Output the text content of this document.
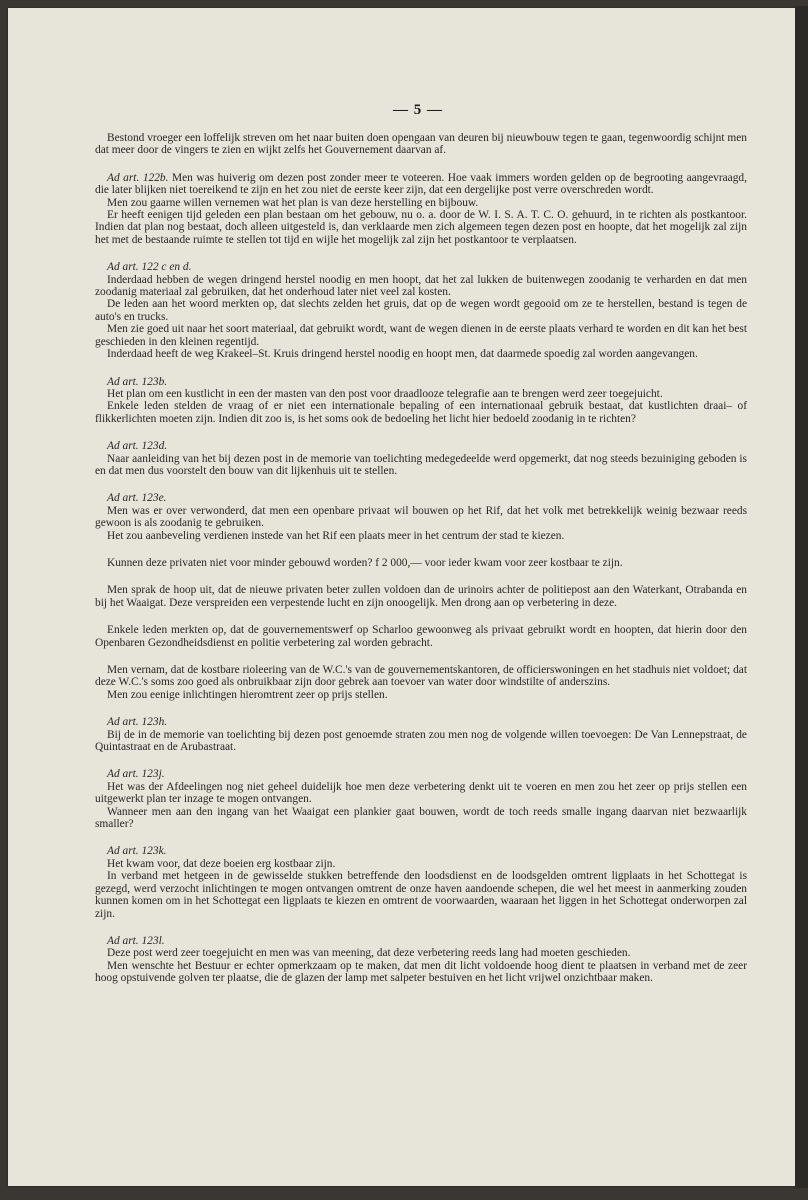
— 5 —
Bestond vroeger een loffelijk streven om het naar buiten doen opengaan van deuren bij nieuwbouw tegen te gaan, tegenwoordig schijnt men dat meer door de vingers te zien en wijkt zelfs het Gouvernement daarvan af.
Ad art. 122b. Men was huiverig om dezen post zonder meer te voteeren. Hoe vaak immers worden gelden op de begrooting aangevraagd, die later blijken niet toereikend te zijn en het zou niet de eerste keer zijn, dat een dergelijke post verre overschreden wordt.
Men zou gaarne willen vernemen wat het plan is van deze herstelling en bijbouw.
Er heeft eenigen tijd geleden een plan bestaan om het gebouw, nu o. a. door de W. I. S. A. T. C. O. gehuurd, in te richten als postkantoor. Indien dat plan nog bestaat, doch alleen uitgesteld is, dan verklaarde men zich algemeen tegen dezen post en hoopte, dat het mogelijk zal zijn het met de bestaande ruimte te stellen tot tijd en wijle het mogelijk zal zijn het postkantoor te verplaatsen.
Ad art. 122 c en d.
Inderdaad hebben de wegen dringend herstel noodig en men hoopt, dat het zal lukken de buitenwegen zoodanig te verharden en dat men zoodanig materiaal zal gebruiken, dat het onderhoud later niet veel zal kosten.
De leden aan het woord merkten op, dat slechts zelden het gruis, dat op de wegen wordt gegooid om ze te herstellen, bestand is tegen de auto's en trucks.
Men zie goed uit naar het soort materiaal, dat gebruikt wordt, want de wegen dienen in de eerste plaats verhard te worden en dit kan het best geschieden in den kleinen regentijd.
Inderdaad heeft de weg Krakeel–St. Kruis dringend herstel noodig en hoopt men, dat daarmede spoedig zal worden aangevangen.
Ad art. 123b.
Het plan om een kustlicht in een der masten van den post voor draadlooze telegrafie aan te brengen werd zeer toegejuicht.
Enkele leden stelden de vraag of er niet een internationale bepaling of een internationaal gebruik bestaat, dat kustlichten draai– of flikkerlichten moeten zijn. Indien dit zoo is, is het soms ook de bedoeling het licht hier bedoeld zoodanig in te richten?
Ad art. 123d.
Naar aanleiding van het bij dezen post in de memorie van toelichting medegedeelde werd opgemerkt, dat nog steeds bezuiniging geboden is en dat men dus voorstelt den bouw van dit lijkenhuis uit te stellen.
Ad art. 123e.
Men was er over verwonderd, dat men een openbare privaat wil bouwen op het Rif, dat het volk met betrekkelijk weinig bezwaar reeds gewoon is als zoodanig te gebruiken.
Het zou aanbeveling verdienen instede van het Rif een plaats meer in het centrum der stad te kiezen.
Kunnen deze privaten niet voor minder gebouwd worden? f 2 000,— voor ieder kwam voor zeer kostbaar te zijn.
Men sprak de hoop uit, dat de nieuwe privaten beter zullen voldoen dan de urinoirs achter de politiepost aan den Waterkant, Otrabanda en bij het Waaigat. Deze verspreiden een verpestende lucht en zijn onoogelijk. Men drong aan op verbetering in deze.
Enkele leden merkten op, dat de gouvernementswerf op Scharloo gewoonweg als privaat gebruikt wordt en hoopten, dat hierin door den Openbaren Gezondheidsdienst en politie verbetering zal worden gebracht.
Men vernam, dat de kostbare rioleering van de W.C.'s van de gouvernementskantoren, de officierswoningen en het stadhuis niet voldoet; dat deze W.C.'s soms zoo goed als onbruikbaar zijn door gebrek aan toevoer van water door windstilte of anderszins.
Men zou eenige inlichtingen hieromtrent zeer op prijs stellen.
Ad art. 123h.
Bij de in de memorie van toelichting bij dezen post genoemde straten zou men nog de volgende willen toevoegen: De Van Lennepstraat, de Quintastraat en de Arubastraat.
Ad art. 123j.
Het was der Afdeelingen nog niet geheel duidelijk hoe men deze verbetering denkt uit te voeren en men zou het zeer op prijs stellen een uitgewerkt plan ter inzage te mogen ontvangen.
Wanneer men aan den ingang van het Waaigat een plankier gaat bouwen, wordt de toch reeds smalle ingang daarvan niet bezwaarlijk smaller?
Ad art. 123k.
Het kwam voor, dat deze boeien erg kostbaar zijn.
In verband met hetgeen in de gewisselde stukken betreffende den loodsdienst en de loodsgelden omtrent ligplaats in het Schottegat is gezegd, werd verzocht inlichtingen te mogen ontvangen omtrent de onze haven aandoende schepen, die wel het meest in aanmerking zouden kunnen komen om in het Schottegat een ligplaats te kiezen en omtrent de voorwaarden, waaraan het liggen in het Schottegat onderworpen zal zijn.
Ad art. 123l.
Deze post werd zeer toegejuicht en men was van meening, dat deze verbetering reeds lang had moeten geschieden.
Men wenschte het Bestuur er echter opmerkzaam op te maken, dat men dit licht voldoende hoog dient te plaatsen in verband met de zeer hoog opstuivende golven ter plaatse, die de glazen der lamp met salpeter bestuiven en het licht vrijwel onzichtbaar maken.
